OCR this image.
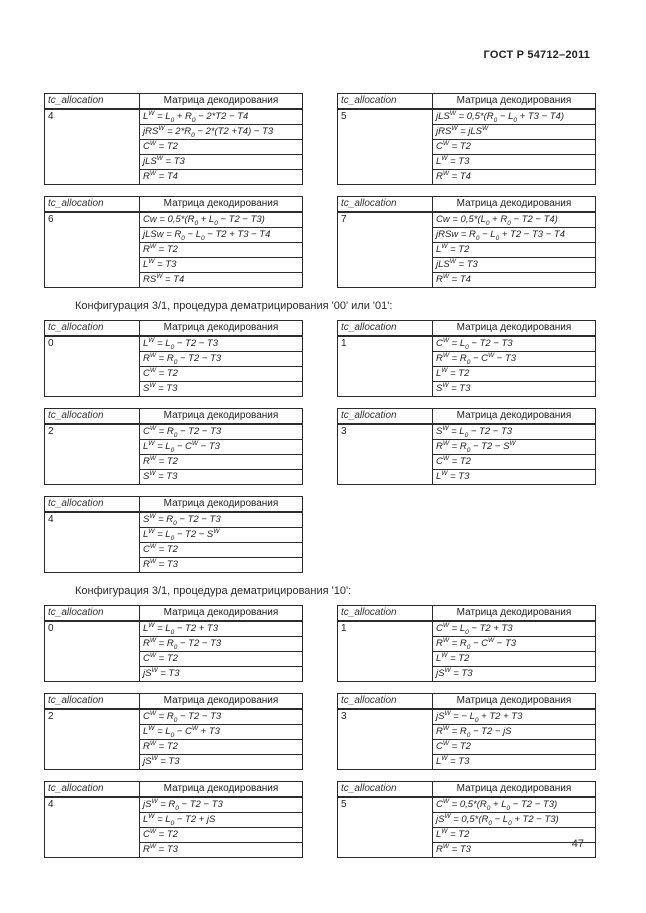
ГОСТ Р 54712–2011
tc_allocation	Матрица декодирования
4	$L^W = L_0 + R_0 - 2*T2 - T4$
	$jRS^W = 2*R_0 - 2*(T2 +T4) - T3$
	$C^W = T2$
	jLS$^W$ = T3
	$R^W = T4$
tc_allocation	Матрица декодирования
5	$jLS^W = 0,5*(R_0 - L_0 + T3 - T4)$
	jRS$^W$ = jLS$^W$
	$C^W = T2$
	$L^W = T3$
	$R^W = T4$
tc_allocation	Матрица декодирования
6	$Cw = 0,5*(R_0 + L_0 - T2 - T3)$
	jLSw = $R_0 - L_0 - T2 + T3 - T4$
	$R^W = T2$
	$L^W = T3$
	$RS^W = T4$
tc_allocation	Матрица декодирования
7	$Cw = 0,5*(L_0 + R_0 - T2 - T4)$
	jRSw = $R_0 - L_0 + T2 - T3 - T4$
	$L^W = T2$
	jLS$^W$ = T3
	$R^W = T4$

Конфигурация 3/1, процедура дематрицирования '00' или '01':

tc_allocation	Матрица декодирования
0	$L^W = L_0 - T2 - T3$
	$R^W = R_0 - T2 - T3$
	$C^W = T2$
	$S^W = T3$
tc_allocation	Матрица декодирования
1	$C^W = L_0 - T2 - T3$
	$R^W = R_0 - C^W - T3$
	$L^W = T2$
	$S^W = T3$
tc_allocation	Матрица декодирования
2	$C^W = R_0 - T2 - T3$
	$L^W = L_0 - C^W - T3$
	$R^W = T2$
	$S^W = T3$
tc_allocation	Матрица декодирования
3	$S^W = L_0 - T2 - T3$
	$R^W = R_0 - T2 - S^W$
	$C^W = T2$
	$L^W = T3$
tc_allocation	Матрица декодирования
4	$S^W = R_0 - T2 - T3$
	$L^W = L_0 - T2 - S^W$
	$C^W = T2$
	$R^W = T3$

Конфигурация 3/1, процедура дематрицирования '10':

tc_allocation	Матрица декодирования
0	$L^W = L_0 - T2 + T3$
	$R^W = R_0 - T2 - T3$
	$C^W = T2$
	$jS^W = T3$
tc_allocation	Матрица декодирования
1	$C^W = L_0 - T2 + T3$
	$R^W = R_0 - C^W - T3$
	$L^W = T2$
	$jS^W = T3$
tc_allocation	Матрица декодирования
2	$C^W = R_0 - T2 - T3$
	$L^W = L_0 - C^W + T3$
	$R^W = T2$
	$jS^W = T3$
tc_allocation	Матрица декодирования
3	$jS^W$ = − $L_0 + T2 + T3$
	$R^W = R_0 - T2$ − jS
	$C^W = T2$
	$L^W = T3$
tc_allocation	Матрица декодирования
4	$jS^W = R_0 - T2 - T3$
	$L^W = L_0 - T2$ + jS
	$C^W = T2$
	$R^W = T3$
tc_allocation	Матрица декодирования
5	$C^W = 0,5*(R_0 + L_0 - T2 - T3)$
	$jS^W = 0,5*(R_0 - L_0 + T2 - T3)$
	$L^W = T2$
	$R^W = T3$	47
